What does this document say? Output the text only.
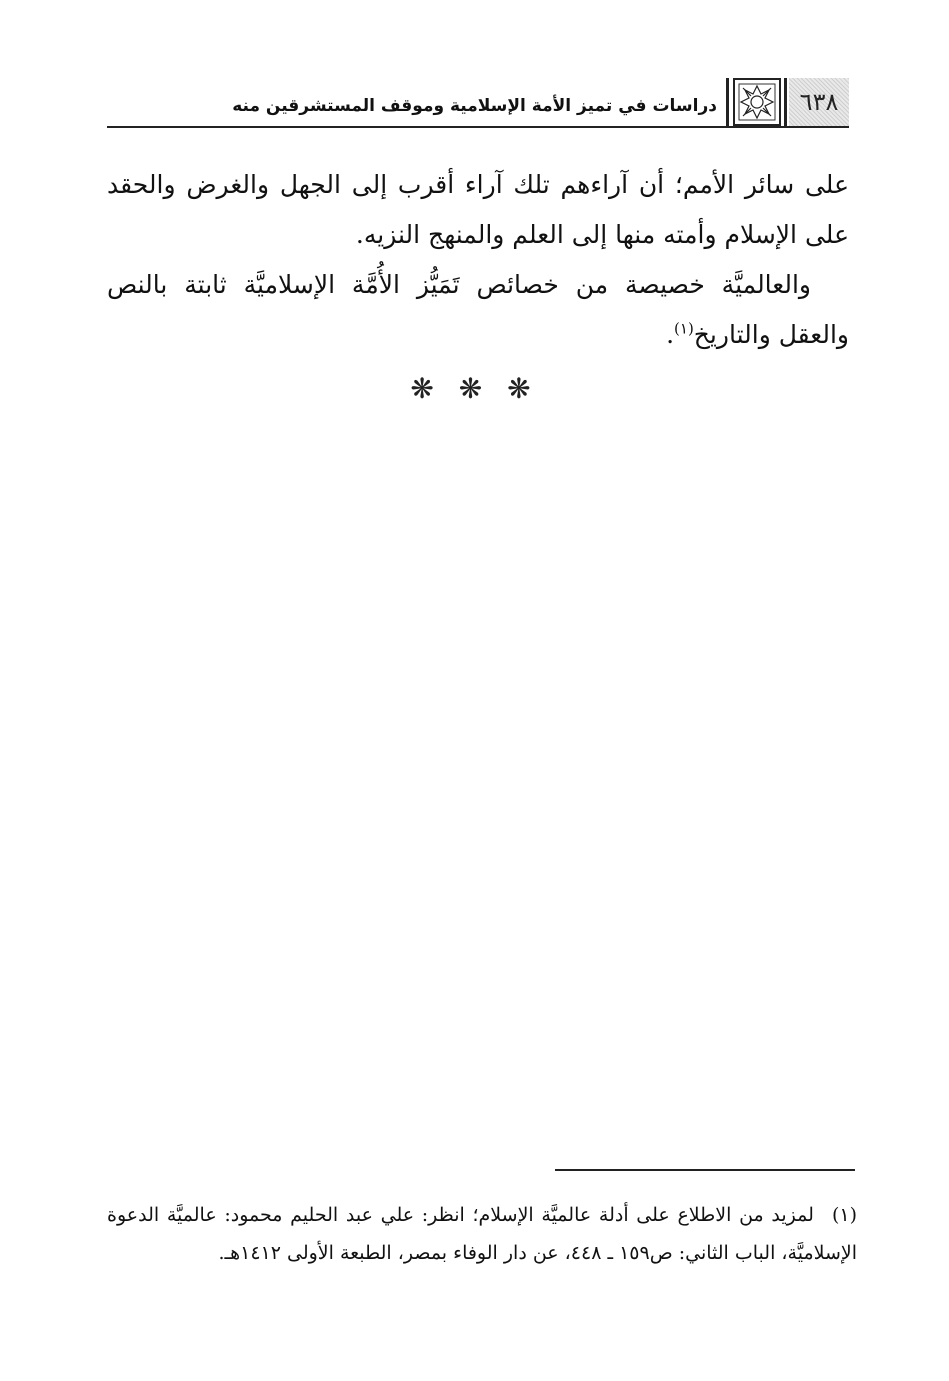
٦٣٨
دراسات في تميز الأمة الإسلامية وموقف المستشرقين منه

على سائر الأمم؛ أن آراءهم تلك آراء أقرب إلى الجهل والغرض والحقد على الإسلام وأمته منها إلى العلم والمنهج النزيه.

والعالميَّة خصيصة من خصائص تَمَيُّز الأُمَّة الإسلاميَّة ثابتة بالنص والعقل والتاريخ$^{(١)}$.

❋ ❋ ❋
(١)لمزيد من الاطلاع على أدلة عالميَّة الإسلام؛ انظر: علي عبد الحليم محمود: عالميَّة الدعوة الإسلاميَّة، الباب الثاني: ص١٥٩ ـ ٤٤٨، عن دار الوفاء بمصر، الطبعة الأولى ١٤١٢هـ.
